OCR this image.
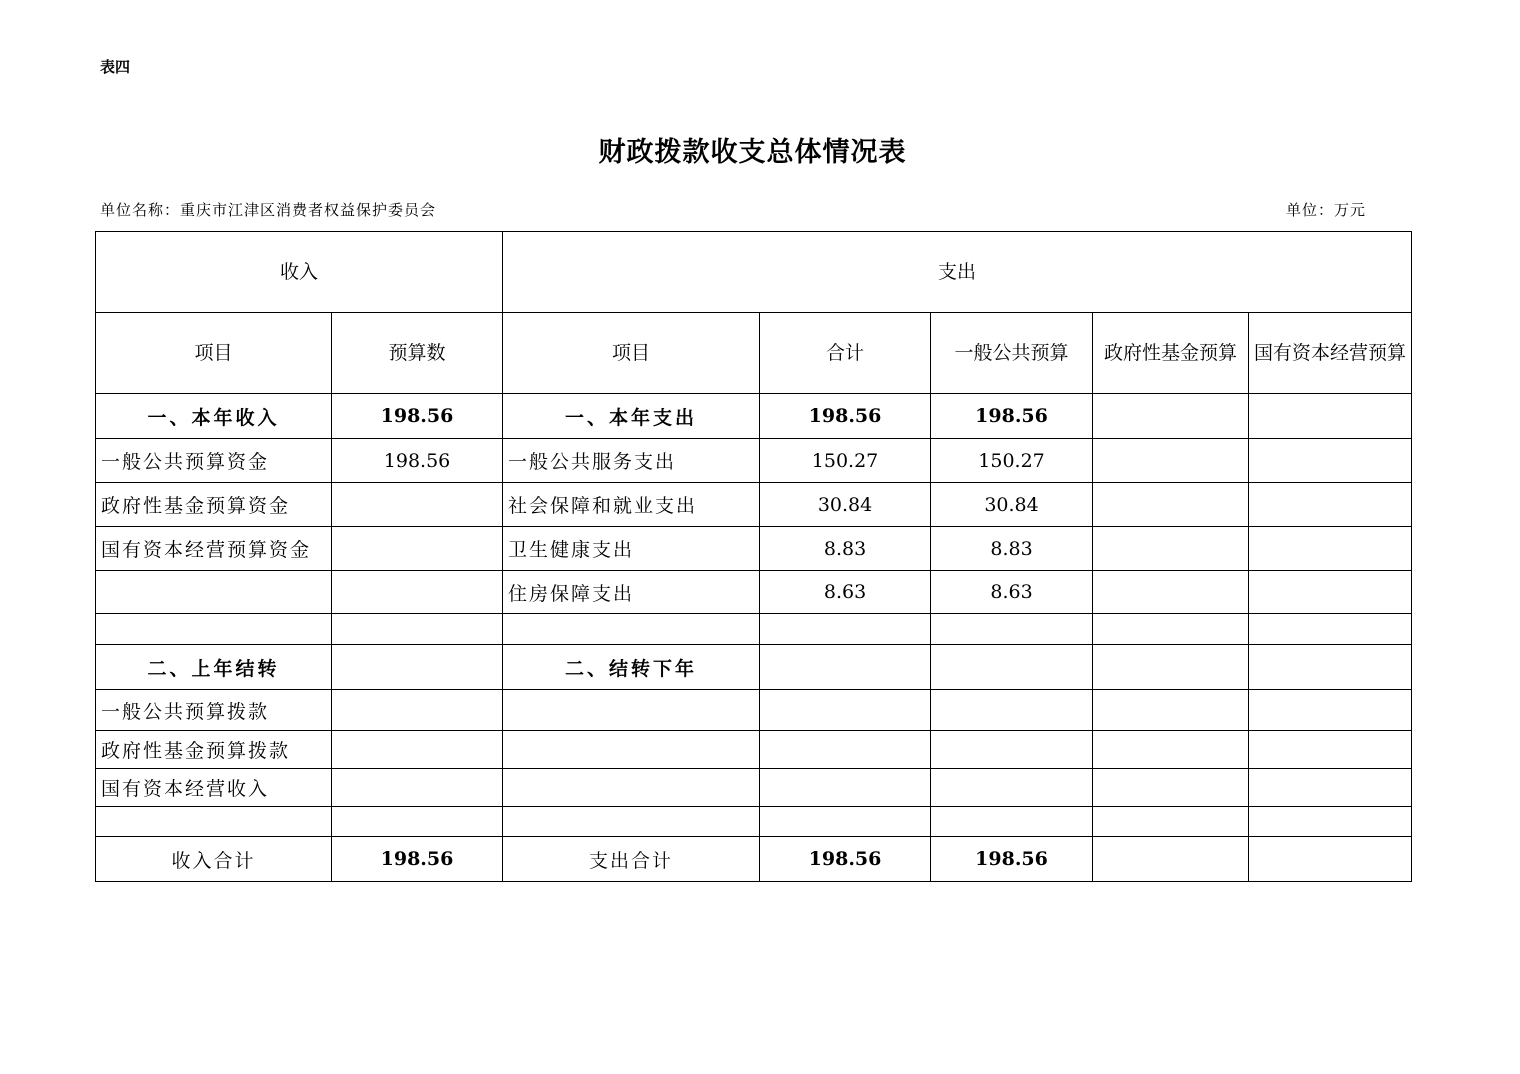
表四
财政拨款收支总体情况表
单位名称：重庆市江津区消费者权益保护委员会	单位：万元
收入		支出				
项目	预算数	项目	合计	一般公共预算	政府性基金预算	国有资本经营预算
一、本年收入	198.56	一、本年支出	198.56	198.56		
一般公共预算资金	198.56	一般公共服务支出	150.27	150.27		
政府性基金预算资金		社会保障和就业支出	30.84	30.84		
国有资本经营预算资金		卫生健康支出	8.83	8.83		
		住房保障支出	8.63	8.63		

二、上年结转		二、结转下年				
一般公共预算拨款						
政府性基金预算拨款						
国有资本经营收入						

收入合计	198.56	支出合计	198.56	198.56		
